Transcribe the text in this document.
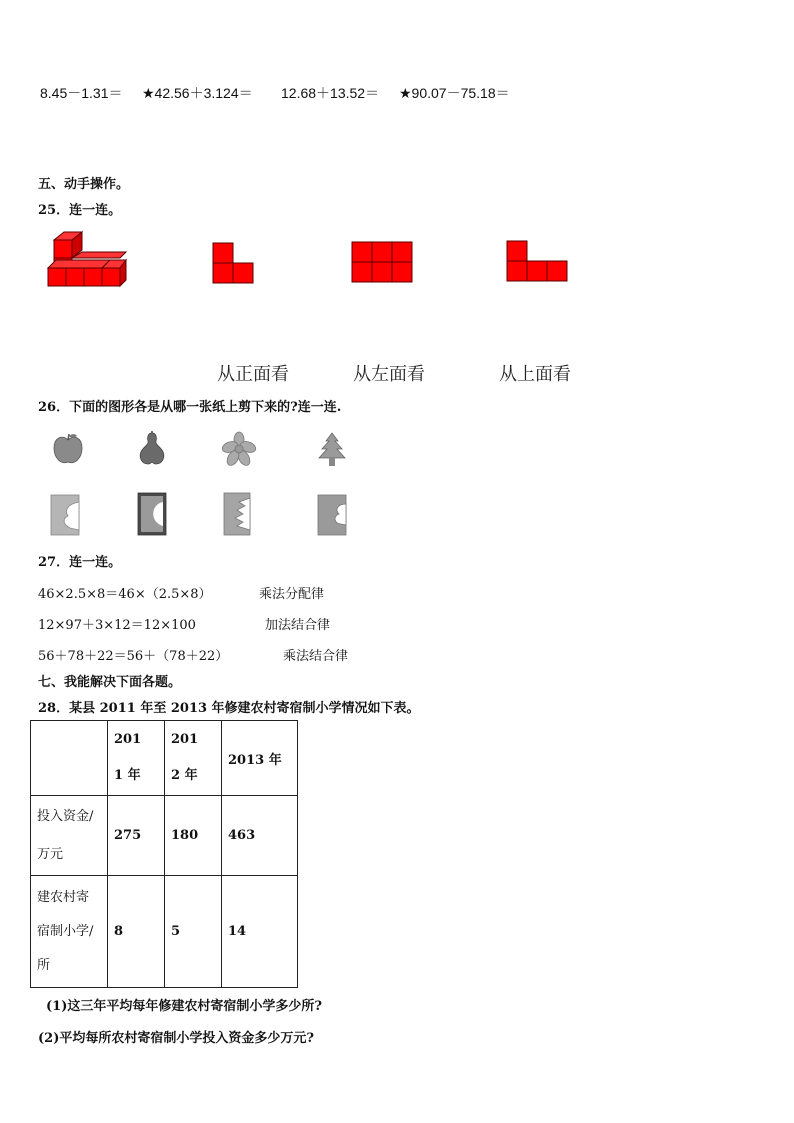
8.45－1.31＝ ★42.56＋3.124＝ 12.68＋13.52＝ ★90.07－75.18＝
五、动手操作。
25．连一连。
从正面看	从左面看	从上面看
26．下面的图形各是从哪一张纸上剪下来的?连一连.
27．连一连。
46×2.5×8＝46×（2.5×8）	乘法分配律
12×97＋3×12＝12×100	加法结合律
56＋78＋22＝56＋（78＋22）	乘法结合律
七、我能解决下面各题。
28．某县 2011 年至 2013 年修建农村寄宿制小学情况如下表。

	2011 年	2012 年	2013 年

投入资金/万元	275	180	463

建农村寄宿制小学/所	8	5	14
(1)这三年平均每年修建农村寄宿制小学多少所?
(2)平均每所农村寄宿制小学投入资金多少万元?
